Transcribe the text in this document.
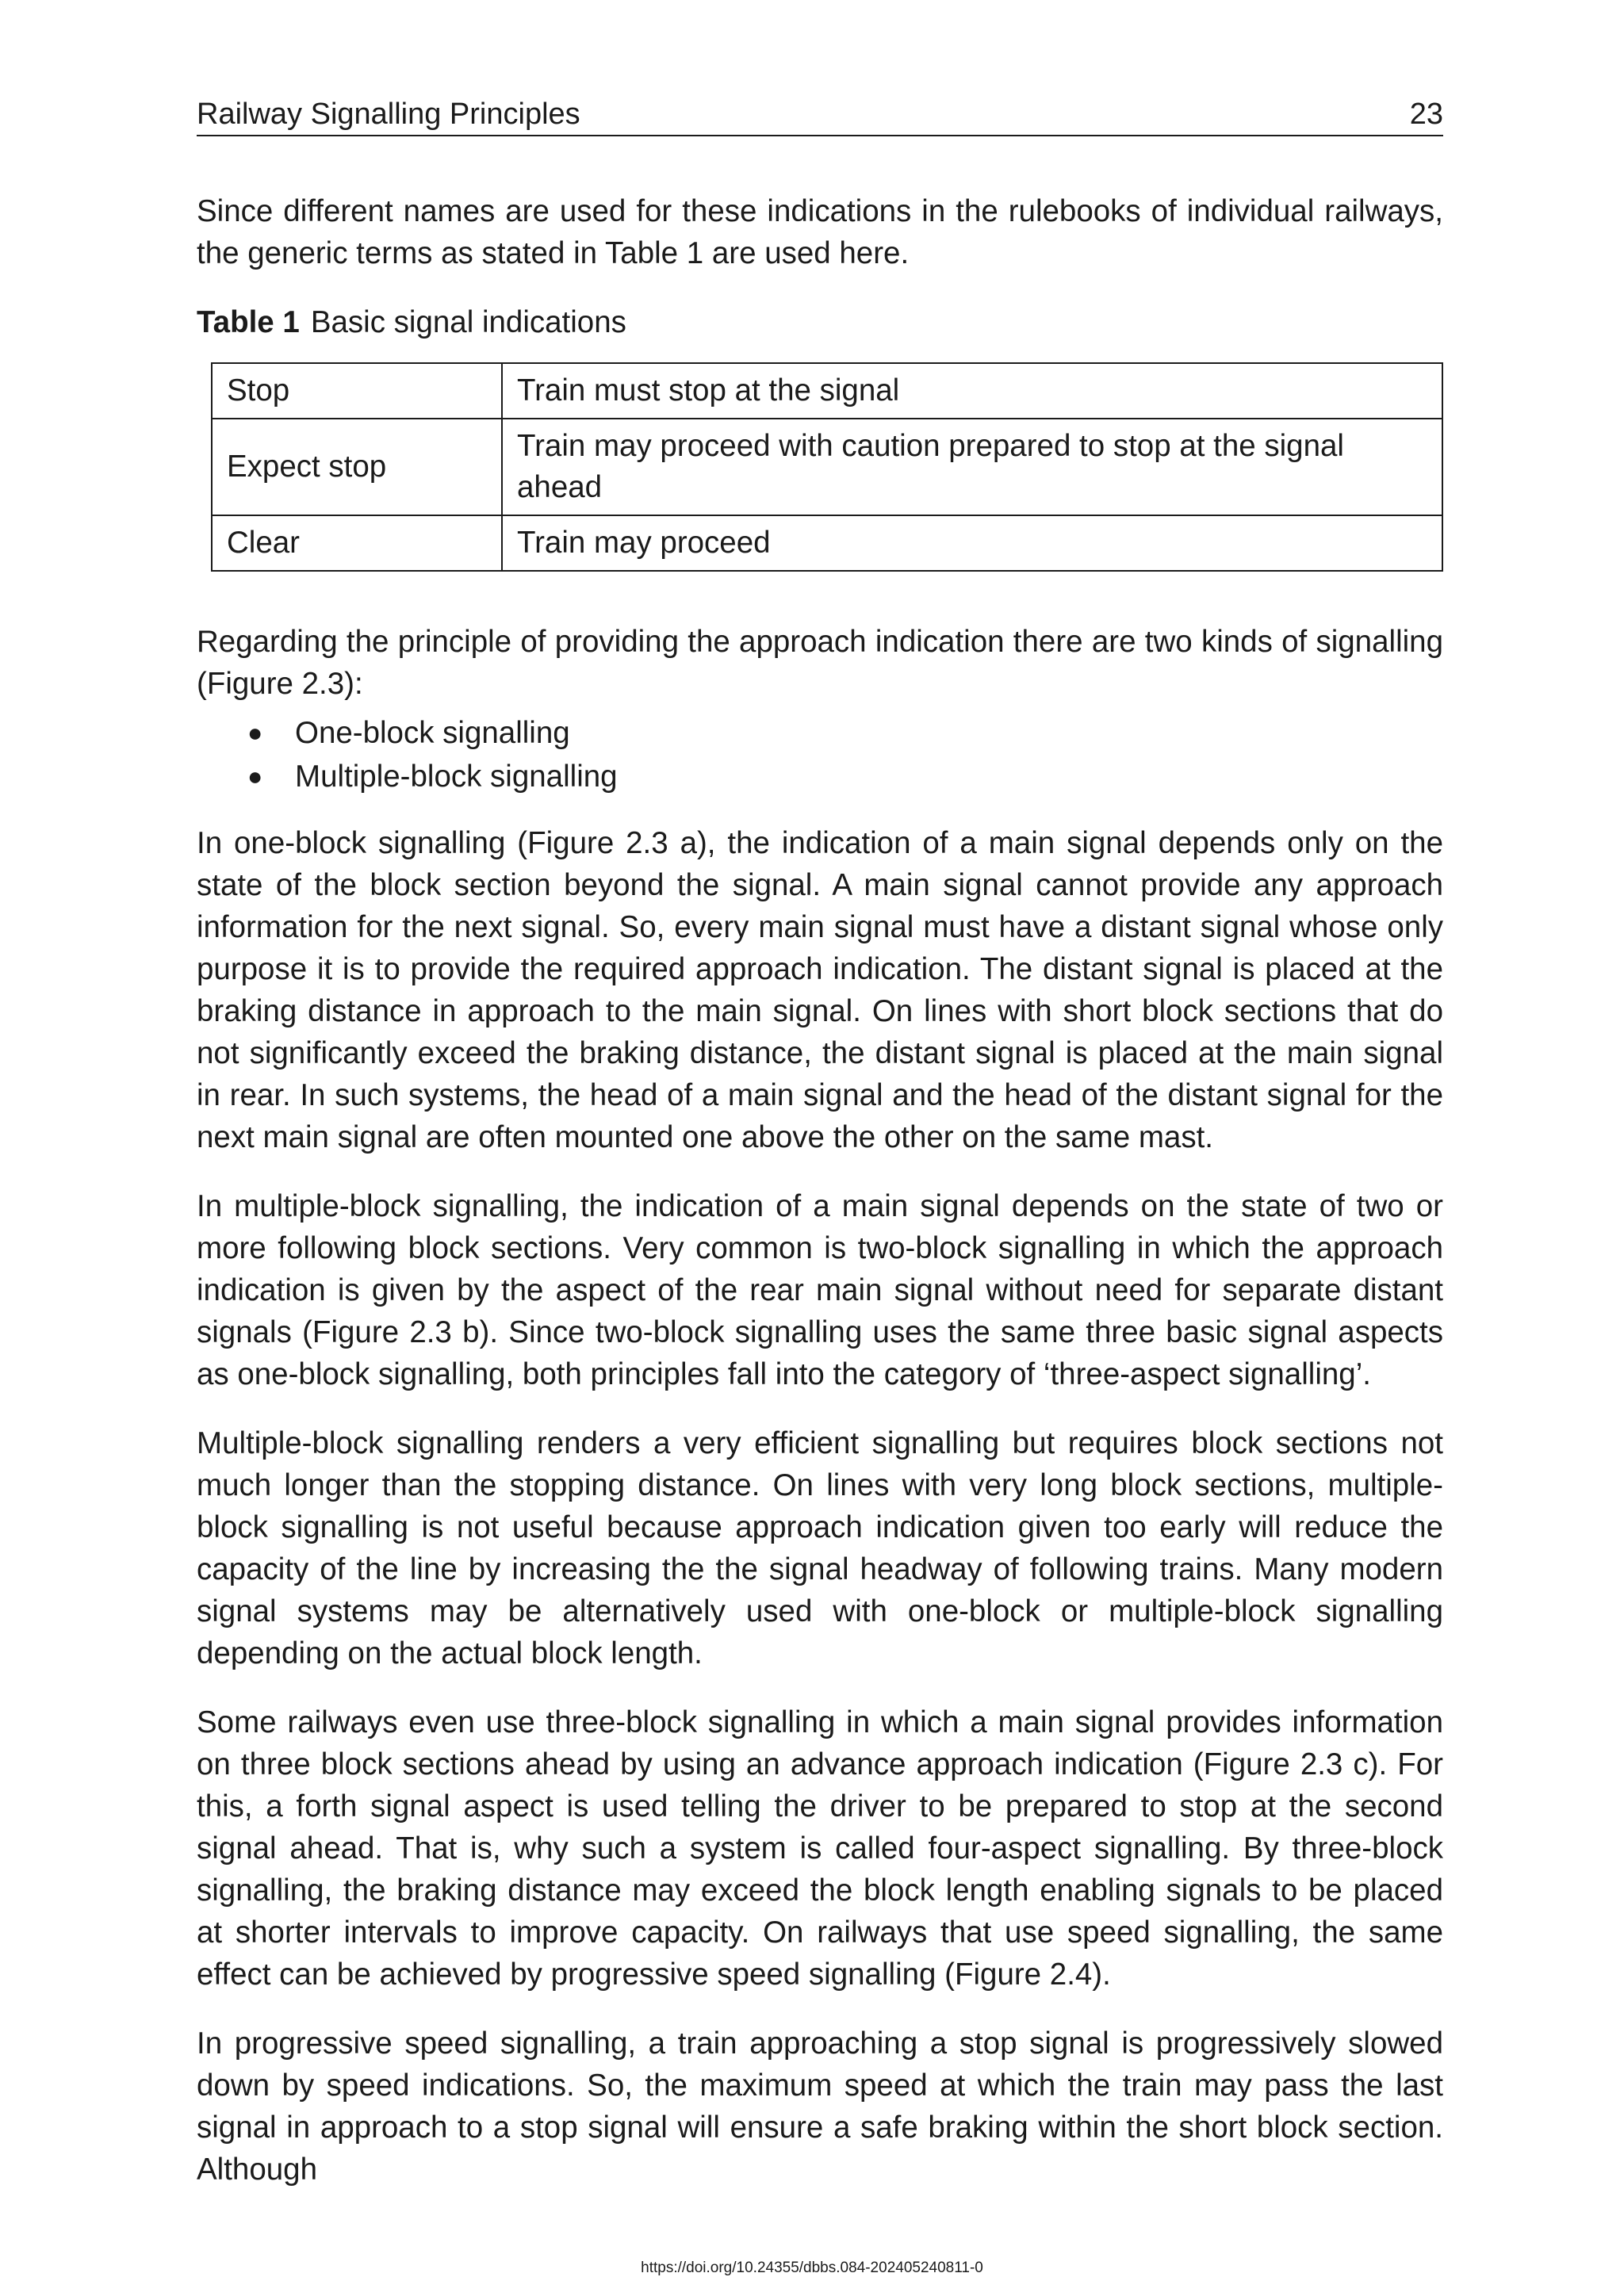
Railway Signalling Principles	23

Since different names are used for these indications in the rulebooks of individual railways, the generic terms as stated in Table 1 are used here.

Table 1 Basic signal indications
Stop	Train must stop at the signal
Expect stop	Train may proceed with caution prepared to stop at the signal ahead
Clear	Train may proceed

Regarding the principle of providing the approach indication there are two kinds of signalling (Figure 2.3):

● One-block signalling
● Multiple-block signalling

In one-block signalling (Figure 2.3 a), the indication of a main signal depends only on the state of the block section beyond the signal. A main signal cannot provide any approach information for the next signal. So, every main signal must have a distant signal whose only purpose it is to provide the required approach indication. The distant signal is placed at the braking distance in approach to the main signal. On lines with short block sections that do not significantly exceed the braking distance, the distant signal is placed at the main signal in rear. In such systems, the head of a main signal and the head of the distant signal for the next main signal are often mounted one above the other on the same mast.

In multiple-block signalling, the indication of a main signal depends on the state of two or more following block sections. Very common is two-block signalling in which the approach indication is given by the aspect of the rear main signal without need for separate distant signals (Figure 2.3 b). Since two-block signalling uses the same three basic signal aspects as one-block signalling, both principles fall into the category of ‘three-aspect signalling’.

Multiple-block signalling renders a very efficient signalling but requires block sections not much longer than the stopping distance. On lines with very long block sections, multiple-block signalling is not useful because approach indication given too early will reduce the capacity of the line by increasing the the signal headway of following trains. Many modern signal systems may be alternatively used with one-block or multiple-block signalling depending on the actual block length.

Some railways even use three-block signalling in which a main signal provides information on three block sections ahead by using an advance approach indication (Figure 2.3 c). For this, a forth signal aspect is used telling the driver to be prepared to stop at the second signal ahead. That is, why such a system is called four-aspect signalling. By three-block signalling, the braking distance may exceed the block length enabling signals to be placed at shorter intervals to improve capacity. On railways that use speed signalling, the same effect can be achieved by progressive speed signalling (Figure 2.4).

In progressive speed signalling, a train approaching a stop signal is progressively slowed down by speed indications. So, the maximum speed at which the train may pass the last signal in approach to a stop signal will ensure a safe braking within the short block section. Although

https://doi.org/10.24355/dbbs.084-202405240811-0
